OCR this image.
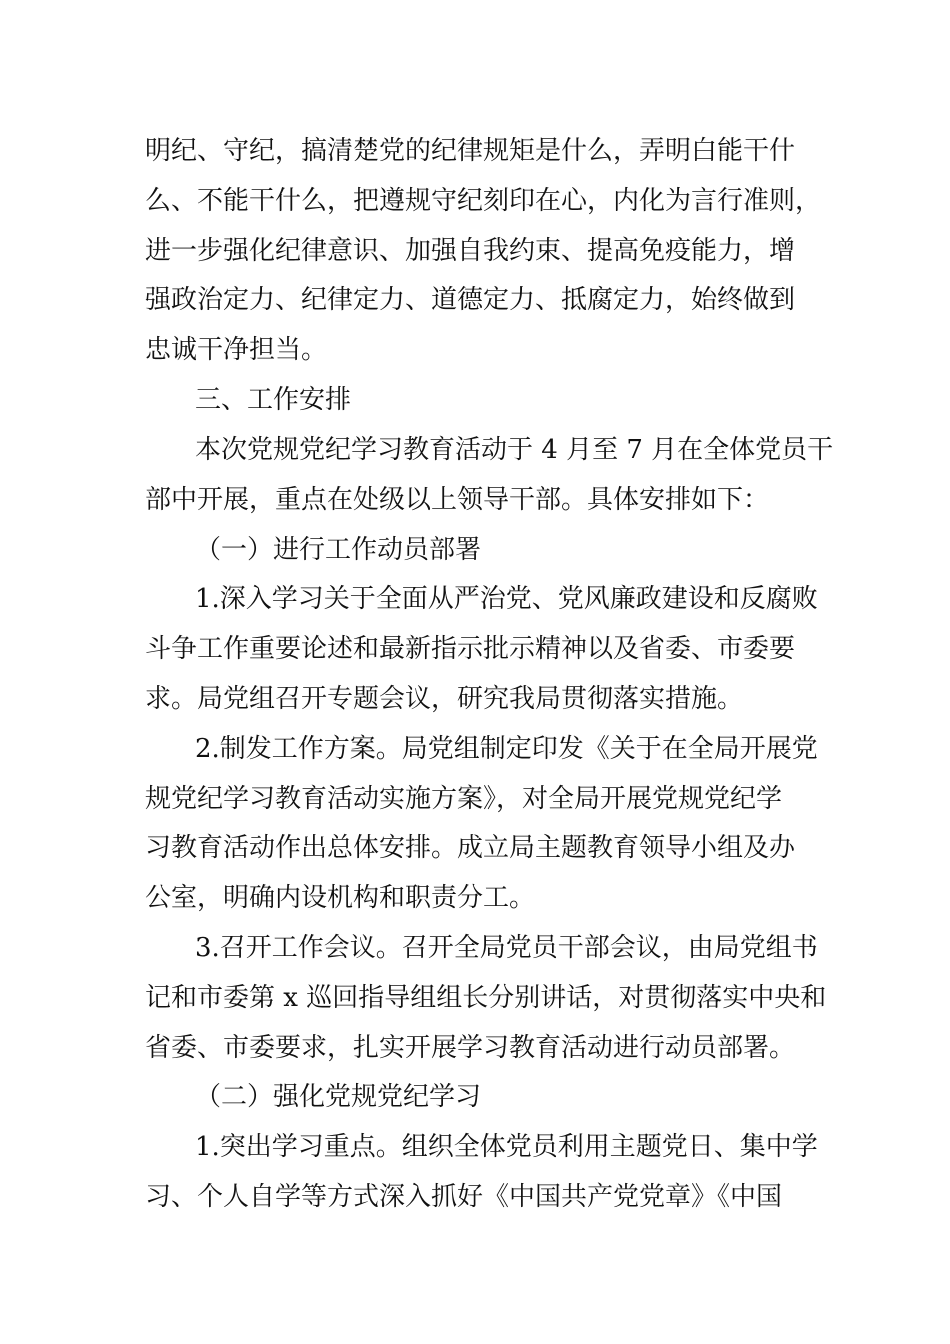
明纪、守纪，搞清楚党的纪律规矩是什么，弄明白能干什
么、不能干什么，把遵规守纪刻印在心，内化为言行准则，
进一步强化纪律意识、加强自我约束、提高免疫能力，增
强政治定力、纪律定力、道德定力、抵腐定力，始终做到
忠诚干净担当。
三、工作安排
本次党规党纪学习教育活动于 4 月至 7 月在全体党员干
部中开展，重点在处级以上领导干部。具体安排如下：
（一）进行工作动员部署
1.深入学习关于全面从严治党、党风廉政建设和反腐败
斗争工作重要论述和最新指示批示精神以及省委、市委要
求。局党组召开专题会议，研究我局贯彻落实措施。
2.制发工作方案。局党组制定印发《关于在全局开展党
规党纪学习教育活动实施方案》，对全局开展党规党纪学
习教育活动作出总体安排。成立局主题教育领导小组及办
公室，明确内设机构和职责分工。
3.召开工作会议。召开全局党员干部会议，由局党组书
记和市委第 x 巡回指导组组长分别讲话，对贯彻落实中央和
省委、市委要求，扎实开展学习教育活动进行动员部署。
（二）强化党规党纪学习
1.突出学习重点。组织全体党员利用主题党日、集中学
习、个人自学等方式深入抓好《中国共产党党章》《中国
